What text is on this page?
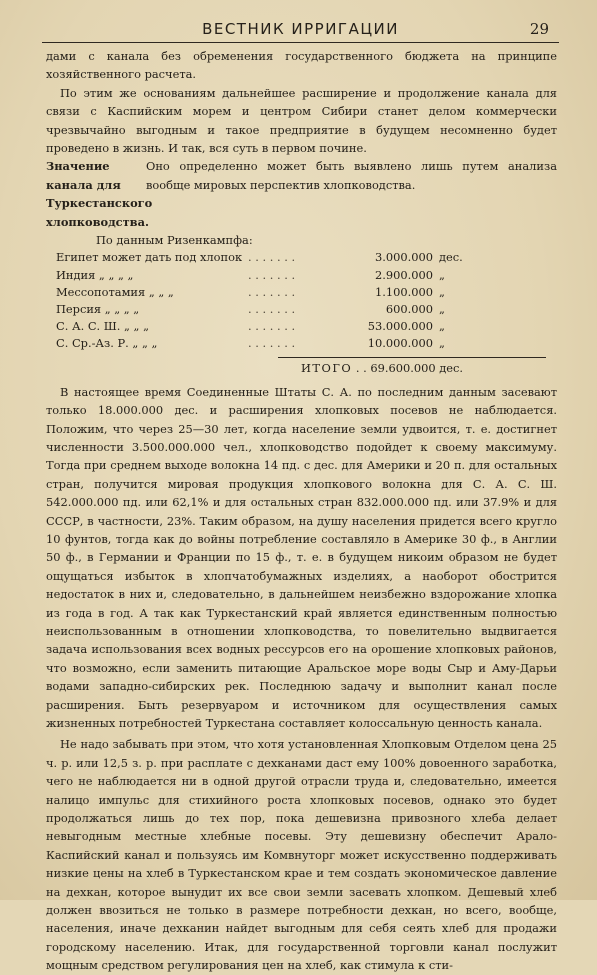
ВЕСТНИК ИРРИГАЦИИ	29

дами с канала без обременения государственного бюджета на принципе хозяйственного расчета.

По этим же основаниям дальнейшее расширение и продолжение канала для связи с Каспийским морем и центром Сибири станет делом коммерчески чрезвычайно выгодным и такое предприятие в будущем несомненно будет проведено в жизнь. И так, вся суть в первом почине.

Значение канала для Туркестанского хлопководства.
Оно определенно может быть выявлено лишь путем анализа вообще мировых перспектив хлопководства.
По данным Ризенкампфа:
Египет может дать под хлопок	. . . . . . .	3.000.000	дес.
Индия „ „ „ „	. . . . . . .	2.900.000	„
Мессопотамия „ „ „	. . . . . . .	1.100.000	„
Персия „ „ „ „	. . . . . . .	600.000	„
С. А. С. Ш. „ „ „	. . . . . . .	53.000.000	„
С. Ср.-Аз. Р. „ „ „	. . . . . . .	10.000.000	„
ИТОГО . . 69.600.000 дес.

В настоящее время Соединенные Штаты С. А. по последним данным засевают только 18.000.000 дес. и расширения хлопковых посевов не наблюдается. Положим, что через 25—30 лет, когда население земли удвоится, т. е. достигнет численности 3.500.000.000 чел., хлопководство подойдет к своему максимуму. Тогда при среднем выходе волокна 14 пд. с дес. для Америки и 20 п. для остальных стран, получится мировая продукция хлопкового волокна для С. А. С. Ш. 542.000.000 пд. или 62,1% и для остальных стран 832.000.000 пд. или 37.9% и для СССР, в частности, 23%. Таким образом, на душу населения придется всего кругло 10 фунтов, тогда как до войны потребление составляло в Америке 30 ф., в Англии 50 ф., в Германии и Франции по 15 ф., т. е. в будущем никоим образом не будет ощущаться избыток в хлопчатобумажных изделиях, а наоборот обострится недостаток в них и, следовательно, в дальнейшем неизбежно вздорожание хлопка из года в год. А так как Туркестанский край является единственным полностью неиспользованным в отношении хлопководства, то повелительно выдвигается задача использования всех водных рессурсов его на орошение хлопковых районов, что возможно, если заменить питающие Аральское море воды Сыр и Аму-Дарьи водами западно-сибирских рек. Последнюю задачу и выполнит канал после расширения. Быть резервуаром и источником для осуществления самых жизненных потребностей Туркестана составляет колоссальную ценность канала.

Не надо забывать при этом, что хотя установленная Хлопковым Отделом цена 25 ч. р. или 12,5 з. р. при расплате с дехканами даст ему 100% довоенного заработка, чего не наблюдается ни в одной другой отрасли труда и, следовательно, имеется налицо импульс для стихийного роста хлопковых посевов, однако это будет продолжаться лишь до тех пор, пока дешевизна привозного хлеба делает невыгодным местные хлебные посевы. Эту дешевизну обеспечит Арало-Каспийский канал и пользуясь им Комвнуторг может искусственно поддерживать низкие цены на хлеб в Туркестанском крае и тем создать экономическое давление на дехкан, которое вынудит их все свои земли засевать хлопком. Дешевый хлеб должен ввозиться не только в размере потребности дехкан, но всего, вообще, населения, иначе дехканин найдет выгодным для себя сеять хлеб для продажи городскому населению. Итак, для государственной торговли канал послужит мощным средством регулирования цен на хлеб, как стимула к сти-
